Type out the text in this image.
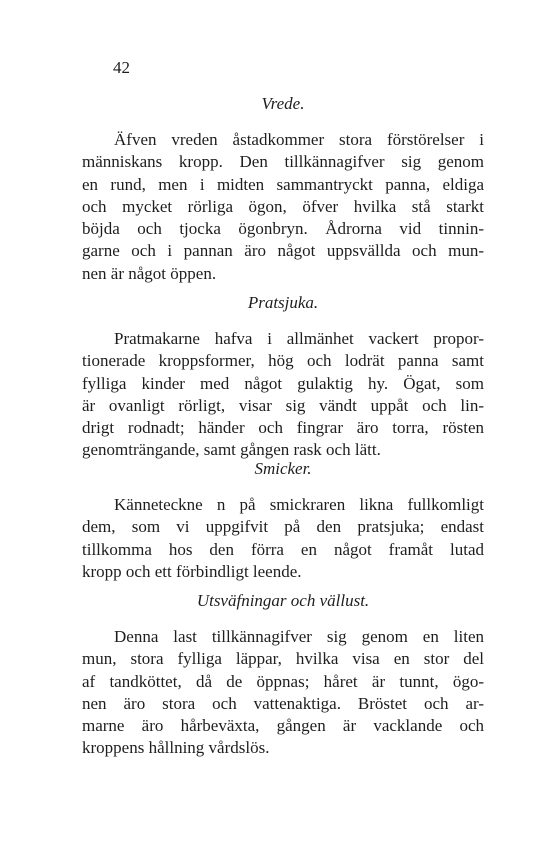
42
Vrede.
Äfven vreden åstadkommer stora förstörelser i
människans kropp. Den tillkännagifver sig genom
en rund, men i midten sammantryckt panna, eldiga
och mycket rörliga ögon, öfver hvilka stå starkt
böjda och tjocka ögonbryn. Ådrorna vid tinnin-
garne och i pannan äro något uppsvällda och mun-
nen är något öppen.
Pratsjuka.
Pratmakarne hafva i allmänhet vackert propor-
tionerade kroppsformer, hög och lodrät panna samt
fylliga kinder med något gulaktig hy. Ögat, som
är ovanligt rörligt, visar sig vändt uppåt och lin-
drigt rodnadt; händer och fingrar äro torra, rösten
genomträngande, samt gången rask och lätt.
Smicker.
Känneteckne n på smickraren likna fullkomligt
dem, som vi uppgifvit på den pratsjuka; endast
tillkomma hos den förra en något framåt lutad
kropp och ett förbindligt leende.
Utsväfningar och vällust.
Denna last tillkännagifver sig genom en liten
mun, stora fylliga läppar, hvilka visa en stor del
af tandköttet, då de öppnas; håret är tunnt, ögo-
nen äro stora och vattenaktiga. Bröstet och ar-
marne äro hårbeväxta, gången är vacklande och
kroppens hållning vårdslös.
